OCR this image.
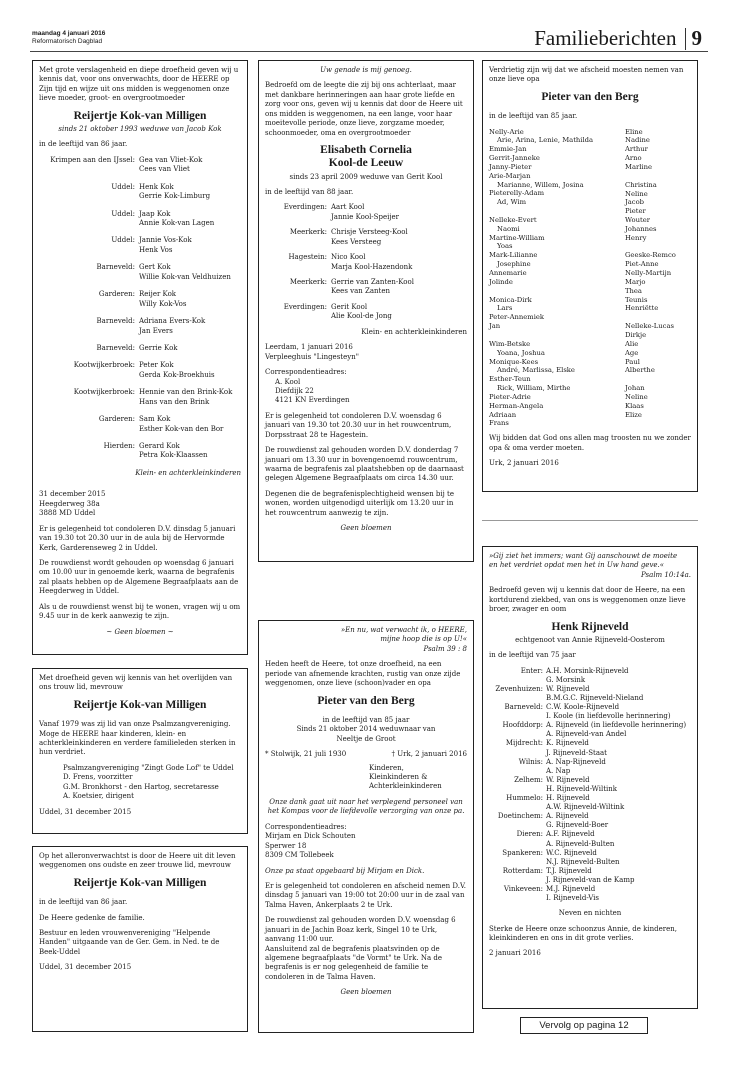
maandag 4 januari 2016
Reformatorisch Dagblad	Familieberichten 9

Met grote verslagenheid en diepe droefheid geven wij u kennis dat, voor ons onverwachts, door de HEERE op Zijn tijd en wijze uit ons midden is weggenomen onze lieve moeder, groot- en overgrootmoeder

Reijertje Kok-van Milligen
sinds 21 oktober 1993 weduwe van Jacob Kok

in de leeftijd van 86 jaar.

Krimpen aan den IJssel: Gea van Vliet-Kok
Cees van Vliet
Uddel: Henk Kok
Gerrie Kok-Limburg
Uddel: Jaap Kok
Annie Kok-van Lagen
Uddel: Jannie Vos-Kok
Henk Vos
Barneveld: Gert Kok
Willie Kok-van Veldhuizen
Garderen: Reijer Kok
Willy Kok-Vos
Barneveld: Adriana Evers-Kok
Jan Evers
Barneveld: Gerrie Kok
Kootwijkerbroek: Peter Kok
Gerda Kok-Broekhuis
Kootwijkerbroek: Hennie van den Brink-Kok
Hans van den Brink
Garderen: Sam Kok
Esther Kok-van den Bor
Hierden: Gerard Kok
Petra Kok-Klaassen

Klein- en achterkleinkinderen

31 december 2015
Heegderweg 38a
3888 MD Uddel

Er is gelegenheid tot condoleren D.V. dinsdag 5 januari van 19.30 tot 20.30 uur in de aula bij de Hervormde Kerk, Garderenseweg 2 in Uddel.

De rouwdienst wordt gehouden op woensdag 6 januari om 10.00 uur in genoemde kerk, waarna de begrafenis zal plaats hebben op de Algemene Begraafplaats aan de Heegderweg in Uddel.

Als u de rouwdienst wenst bij te wonen, vragen wij u om 9.45 uur in de kerk aanwezig te zijn.

~ Geen bloemen ~

Met droefheid geven wij kennis van het overlijden van ons trouw lid, mevrouw

Reijertje Kok-van Milligen

Vanaf 1979 was zij lid van onze Psalmzangvereniging. Moge de HEERE haar kinderen, klein- en achterkleinkinderen en verdere familieleden sterken in hun verdriet.

Psalmzangvereniging "Zingt Gode Lof" te Uddel
D. Frens, voorzitter
G.M. Bronkhorst - den Hartog, secretaresse
A. Koetsier, dirigent

Uddel, 31 december 2015

Op het alleronverwachtst is door de Heere uit dit leven weggenomen ons oudste en zeer trouwe lid, mevrouw

Reijertje Kok-van Milligen

in de leeftijd van 86 jaar.

De Heere gedenke de familie.

Bestuur en leden vrouwenvereniging "Helpende Handen" uitgaande van de Ger. Gem. in Ned. te de Beek-Uddel

Uddel, 31 december 2015

Uw genade is mij genoeg.

Bedroefd om de leegte die zij bij ons achterlaat, maar met dankbare herinneringen aan haar grote liefde en zorg voor ons, geven wij u kennis dat door de Heere uit ons midden is weggenomen, na een lange, voor haar moeitevolle periode, onze lieve, zorgzame moeder, schoonmoeder, oma en overgrootmoeder

Elisabeth Cornelia
Kool-de Leeuw
sinds 23 april 2009 weduwe van Gerit Kool

in de leeftijd van 88 jaar.

Everdingen: Aart Kool
Jannie Kool-Speijer
Meerkerk: Chrisje Versteeg-Kool
Kees Versteeg
Hagestein: Nico Kool
Marja Kool-Hazendonk
Meerkerk: Gerrie van Zanten-Kool
Kees van Zanten
Everdingen: Gerit Kool
Alie Kool-de Jong

Klein- en achterkleinkinderen

Leerdam, 1 januari 2016
Verpleeghuis "Lingesteyn"
Correspondentieadres:
A. Kool
Diefdijk 22
4121 KN Everdingen

Er is gelegenheid tot condoleren D.V. woensdag 6 januari van 19.30 tot 20.30 uur in het rouwcentrum, Dorpsstraat 28 te Hagestein.

De rouwdienst zal gehouden worden D.V. donderdag 7 januari om 13.30 uur in bovengenoemd rouwcentrum, waarna de begrafenis zal plaatshebben op de daarnaast gelegen Algemene Begraafplaats om circa 14.30 uur.

Degenen die de begrafenisplechtigheid wensen bij te wonen, worden uitgenodigd uiterlijk om 13.20 uur in het rouwcentrum aanwezig te zijn.

Geen bloemen

»En nu, wat verwacht ik, o HEERE,
mijne hoop die is op U!«

Psalm 39 : 8

Heden heeft de Heere, tot onze droefheid, na een periode van afnemende krachten, rustig van onze zijde weggenomen, onze lieve (schoon)vader en opa

Pieter van den Berg
in de leeftijd van 85 jaar
Sinds 21 oktober 2014 weduwnaar van
Neeltje de Groot
* Stolwijk, 21 juli 1930	† Urk, 2 januari 2016
Kinderen,
Kleinkinderen &
Achterkleinkinderen

Onze dank gaat uit naar het verplegend personeel van het Kompas voor de liefdevolle verzorging van onze pa.

Correspondentieadres:
Mirjam en Dick Schouten
Sperwer 18
8309 CM Tollebeek

Onze pa staat opgebaard bij Mirjam en Dick.

Er is gelegenheid tot condoleren en afscheid nemen D.V. dinsdag 5 januari van 19:00 tot 20:00 uur in de zaal van Talma Haven, Ankerplaats 2 te Urk.

De rouwdienst zal gehouden worden D.V. woensdag 6 januari in de Jachin Boaz kerk, Singel 10 te Urk, aanvang 11:00 uur.

Aansluitend zal de begrafenis plaatsvinden op de algemene begraafplaats "de Vormt" te Urk. Na de begrafenis is er nog gelegenheid de familie te condoleren in de Talma Haven.

Geen bloemen

Verdrietig zijn wij dat we afscheid moesten nemen van onze lieve opa

Pieter van den Berg

in de leeftijd van 85 jaar.

Nelly-Arie
Arie, Arina, Lenie, Mathilda
Emmie-Jan
Gerrit-Janneke
Janny-Pieter
Arie-Marjan
Marianne, Willem, Josina
Pieterelly-Adam
Ad, Wim
Nelleke-Evert
Naomi
Martine-William
Yoas
Mark-Lilianne
Josephine
Annemarie
Jolinde
Monica-Dirk
Lars
Peter-Annemiek
Jan
Wim-Betske
Yoana, Joshua
Monique-Kees
André, Marlissa, Elske
Esther-Teun
Rick, William, Mirthe
Pieter-Adrie
Herman-Angela
Adriaan
Frans
Eline
Nadine
Arthur
Arno
Marline
Christina
Neline
Jacob
Pieter
Wouter
Johannes
Henry
Geeske-Remco
Piet-Anne
Nelly-Martijn
Marjo
Thea
Teunis
Henriëtte
Nelleke-Lucas
Dirkje
Alie
Age
Paul
Alberthe
Johan
Neline
Klaas
Elize

Wij bidden dat God ons allen mag troosten nu we zonder opa & oma verder moeten.

Urk, 2 januari 2016

»Gij ziet het immers; want Gij aanschouwt de moeite
en het verdriet opdat men het in Uw hand geve.«

Psalm 10:14a.

Bedroefd geven wij u kennis dat door de Heere, na een kortdurend ziekbed, van ons is weggenomen onze lieve broer, zwager en oom

Henk Rijneveld
echtgenoot van Annie Rijneveld-Oosterom

in de leeftijd van 75 jaar

Enter: A.H. Morsink-Rijneveld
G. Morsink
Zevenhuizen: W. Rijneveld
B.M.G.C. Rijneveld-Nieland
Barneveld: C.W. Koole-Rijneveld
I. Koole (in liefdevolle herinnering)
Hoofddorp: A. Rijneveld (in liefdevolle herinnering)
A. Rijneveld-van Andel
Mijdrecht: K. Rijneveld
J. Rijneveld-Staat
Wilnis: A. Nap-Rijneveld
A. Nap
Zelhem: W. Rijneveld
H. Rijneveld-Wiltink
Hummelo: H. Rijneveld
A.W. Rijneveld-Wiltink
Doetinchem: A. Rijneveld
G. Rijneveld-Boer
Dieren: A.F. Rijneveld
A. Rijneveld-Bulten
Spankeren: W.C. Rijneveld
N.J. Rijneveld-Bulten
Rotterdam: T.J. Rijneveld
J. Rijneveld-van de Kamp
Vinkeveen: M.J. Rijneveld
I. Rijneveld-Vis

Neven en nichten

Sterke de Heere onze schoonzus Annie, de kinderen, kleinkinderen en ons in dit grote verlies.

2 januari 2016

Vervolg op pagina 12
